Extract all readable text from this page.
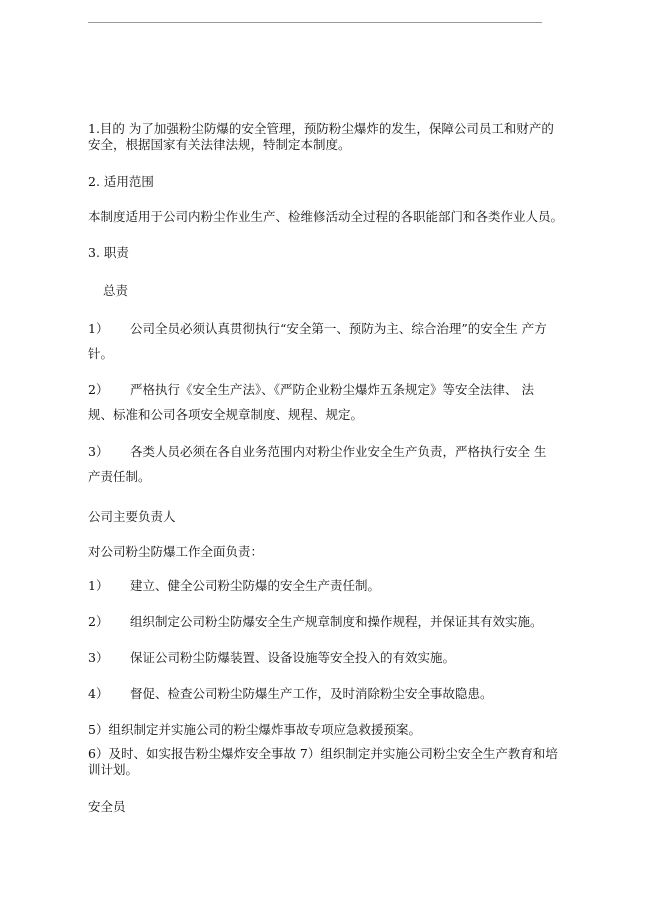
1.目的 为了加强粉尘防爆的安全管理，预防粉尘爆炸的发生，保障公司员工和财产的安全，根据国家有关法律法规，特制定本制度。
2. 适用范围
本制度适用于公司内粉尘作业生产、检维修活动全过程的各职能部门和各类作业人员。
3. 职责
总责
1） 公司全员必须认真贯彻执行“安全第一、预防为主、综合治理”的安全生 产方针。
2） 严格执行《安全生产法》、《严防企业粉尘爆炸五条规定》等安全法律、 法规、标准和公司各项安全规章制度、规程、规定。
3） 各类人员必须在各自业务范围内对粉尘作业安全生产负责，严格执行安全 生产责任制。
公司主要负责人
对公司粉尘防爆工作全面负责：
1） 建立、健全公司粉尘防爆的安全生产责任制。
2） 组织制定公司粉尘防爆安全生产规章制度和操作规程，并保证其有效实施。
3） 保证公司粉尘防爆装置、设备设施等安全投入的有效实施。
4） 督促、检查公司粉尘防爆生产工作，及时消除粉尘安全事故隐患。
5）组织制定并实施公司的粉尘爆炸事故专项应急救援预案。
6）及时、如实报告粉尘爆炸安全事故 7）组织制定并实施公司粉尘安全生产教育和培训计划。
安全员
